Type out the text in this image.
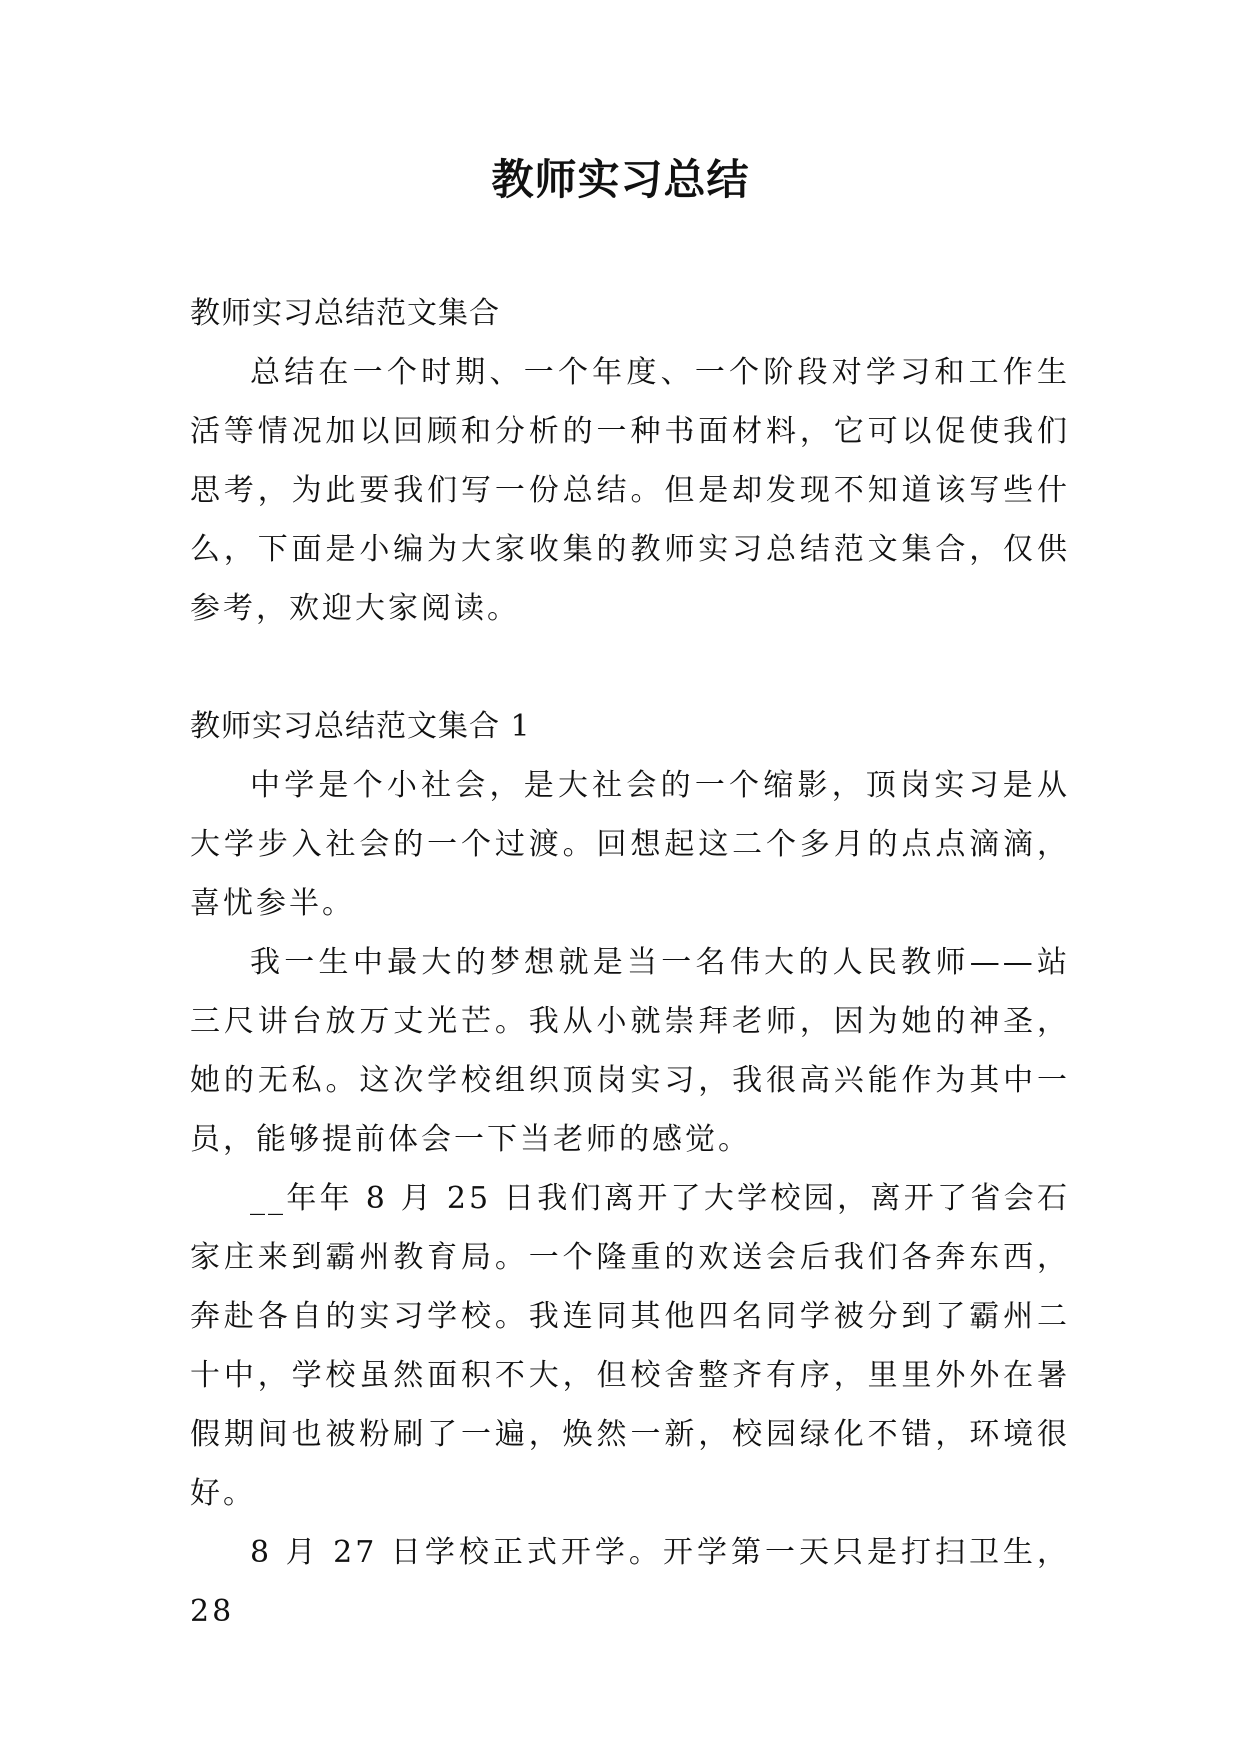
教师实习总结

教师实习总结范文集合

总结在一个时期、一个年度、一个阶段对学习和工作生活等情况加以回顾和分析的一种书面材料，它可以促使我们思考，为此要我们写一份总结。但是却发现不知道该写些什么，下面是小编为大家收集的教师实习总结范文集合，仅供参考，欢迎大家阅读。

教师实习总结范文集合 1

中学是个小社会，是大社会的一个缩影，顶岗实习是从大学步入社会的一个过渡。回想起这二个多月的点点滴滴，喜忧参半。

我一生中最大的梦想就是当一名伟大的人民教师——站三尺讲台放万丈光芒。我从小就崇拜老师，因为她的神圣，她的无私。这次学校组织顶岗实习，我很高兴能作为其中一员，能够提前体会一下当老师的感觉。

__年年 8 月 25 日我们离开了大学校园，离开了省会石家庄来到霸州教育局。一个隆重的欢送会后我们各奔东西，奔赴各自的实习学校。我连同其他四名同学被分到了霸州二十中，学校虽然面积不大，但校舍整齐有序，里里外外在暑假期间也被粉刷了一遍，焕然一新，校园绿化不错，环境很好。

8 月 27 日学校正式开学。开学第一天只是打扫卫生，28
